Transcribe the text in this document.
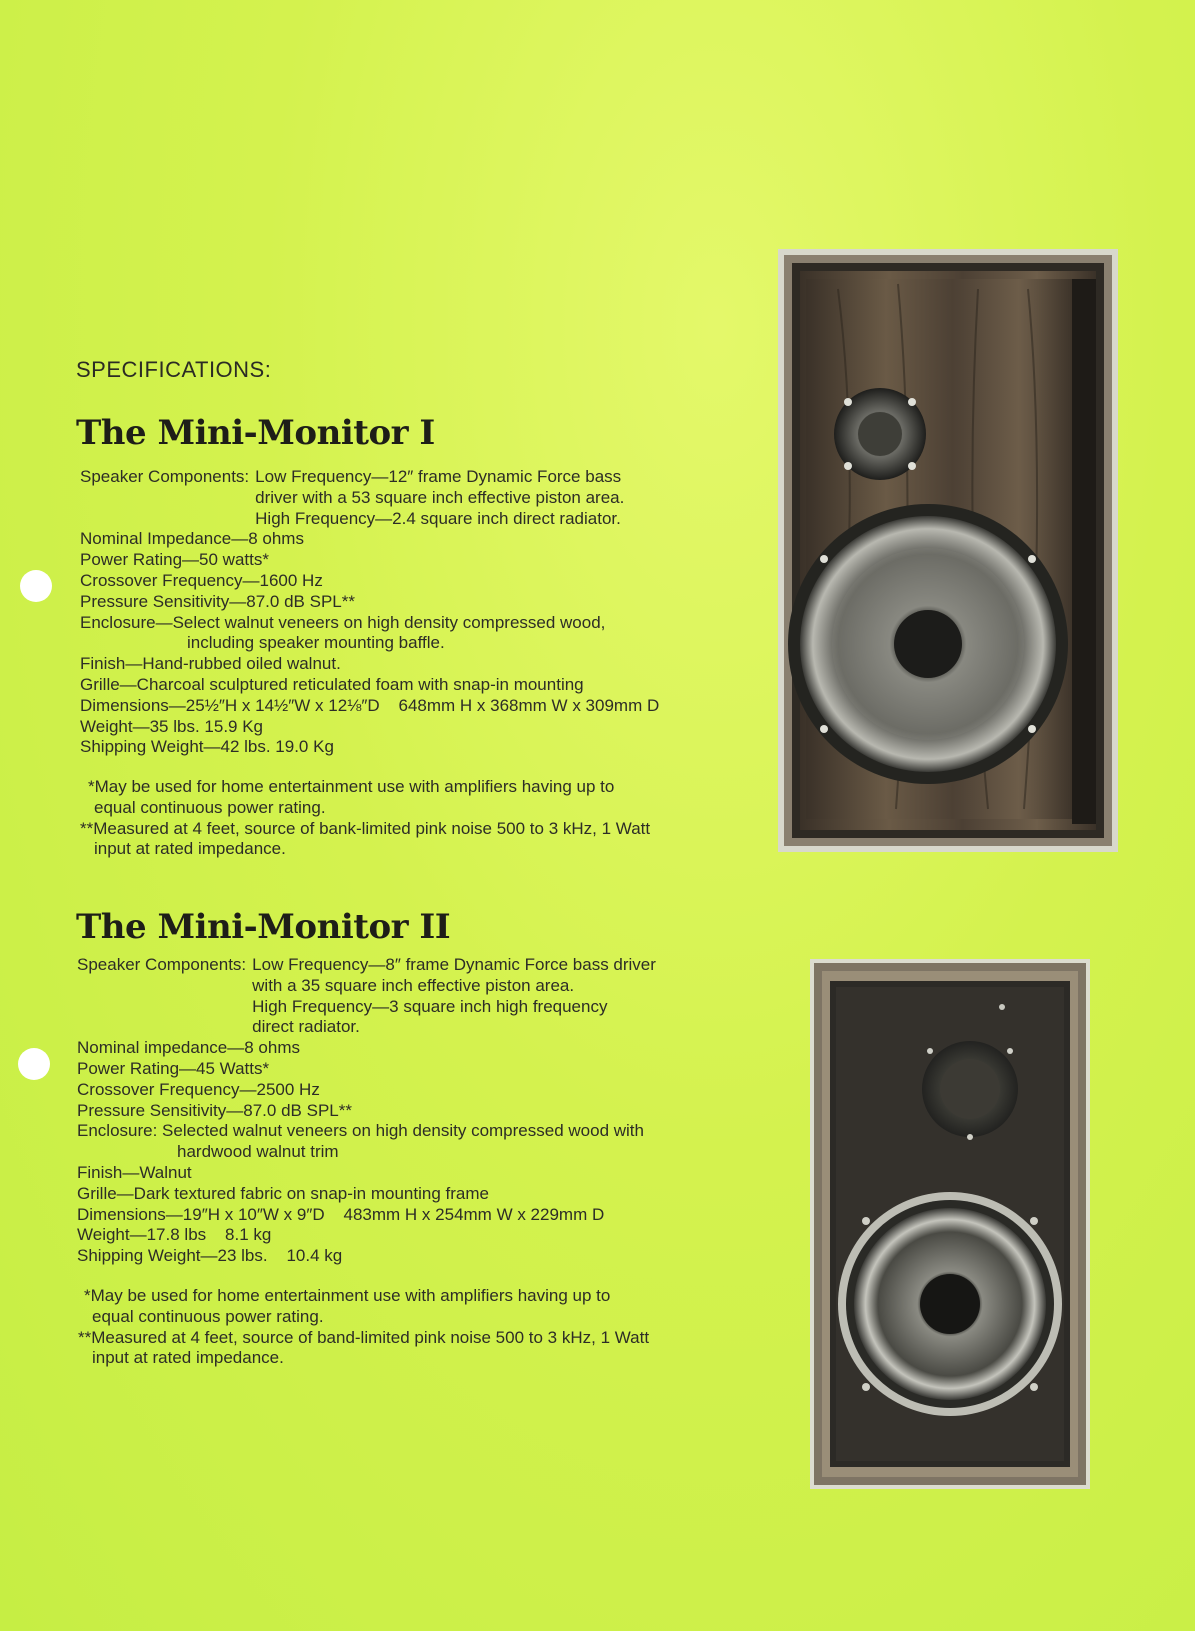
SPECIFICATIONS:
The Mini-Monitor I
Speaker Components: Low Frequency—12″ frame Dynamic Force bass
driver with a 53 square inch effective piston area.
High Frequency—2.4 square inch direct radiator.
Nominal Impedance—8 ohms
Power Rating—50 watts*
Crossover Frequency—1600 Hz
Pressure Sensitivity—87.0 dB SPL**
Enclosure—Select walnut veneers on high density compressed wood,
including speaker mounting baffle.
Finish—Hand-rubbed oiled walnut.
Grille—Charcoal sculptured reticulated foam with snap-in mounting
Dimensions—25½″H x 14½″W x 12⅛″D    648mm H x 368mm W x 309mm D
Weight—35 lbs. 15.9 Kg
Shipping Weight—42 lbs. 19.0 Kg
*May be used for home entertainment use with amplifiers having up to
equal continuous power rating.
**Measured at 4 feet, source of bank-limited pink noise 500 to 3 kHz, 1 Watt
input at rated impedance.
The Mini-Monitor II
Speaker Components: Low Frequency—8″ frame Dynamic Force bass driver
with a 35 square inch effective piston area.
High Frequency—3 square inch high frequency
direct radiator.
Nominal impedance—8 ohms
Power Rating—45 Watts*
Crossover Frequency—2500 Hz
Pressure Sensitivity—87.0 dB SPL**
Enclosure: Selected walnut veneers on high density compressed wood with
hardwood walnut trim
Finish—Walnut
Grille—Dark textured fabric on snap-in mounting frame
Dimensions—19″H x 10″W x 9″D    483mm H x 254mm W x 229mm D
Weight—17.8 lbs    8.1 kg
Shipping Weight—23 lbs.    10.4 kg
*May be used for home entertainment use with amplifiers having up to
equal continuous power rating.
**Measured at 4 feet, source of band-limited pink noise 500 to 3 kHz, 1 Watt
input at rated impedance.
